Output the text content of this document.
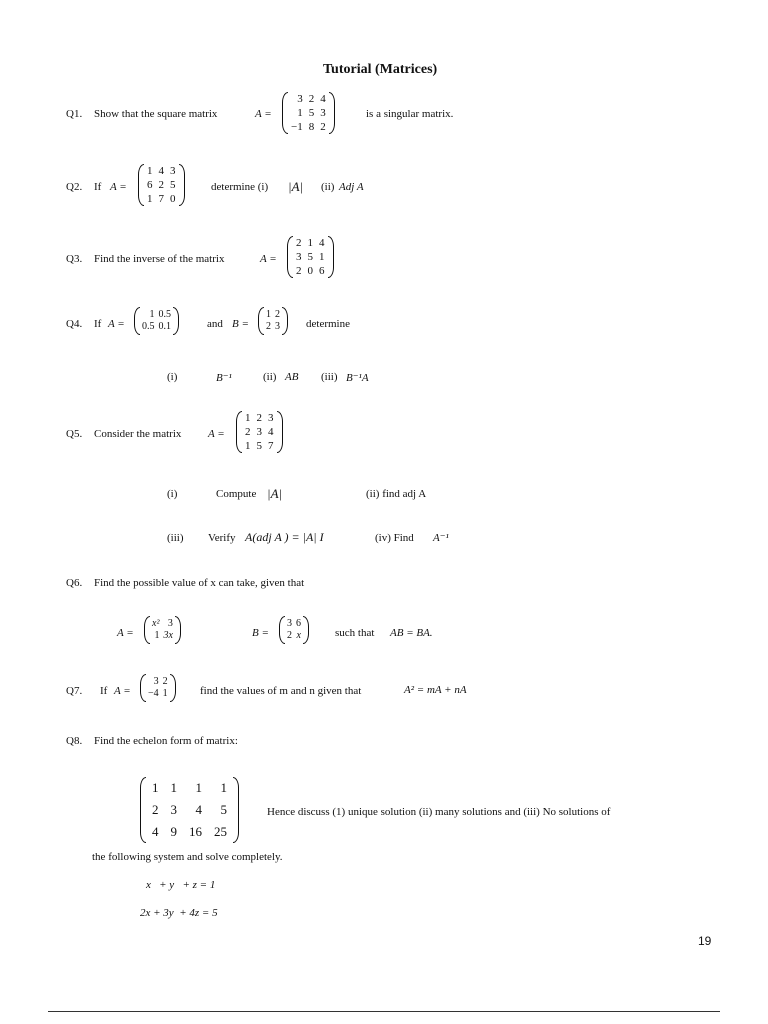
Tutorial (Matrices)
Q1. Show that the square matrix	A =
3	2	4
1	5	3
−1	8	2
is a singular matrix.
Q2. If A =
1	4	3
6	2	5
1	7	0
determine (i) |A| (ii) Adj A
Q3. Find the inverse of the matrix	A =
2	1	4
3	5	1
2	0	6
Q4. If A =
1	0.5
0.5	0.1	and B =
1	2
2	3 determine
(i)	B⁻¹	(ii) AB (iii) B⁻¹A
Q5. Consider the matrix A =
1	2	3
2	3	4
1	5	7
(i)	Compute |A|	(ii) find adj A
(iii) Verify A(adj A ) = |A| I	(iv) Find A⁻¹
Q6. Find the possible value of x can take, given that
A =
x²	3
1	3x	B =
3	6
2	x	such that AB = BA.
Q7. If A =
3	2
−4	1	find the values of m and n given that	A² = mA + nA
Q8. Find the echelon form of matrix:
1	1	1	1
2	3	4	5
4	9	16	25
Hence discuss (1) unique solution (ii) many solutions and (iii) No solutions of
the following system and solve completely.
x   + y   + z = 1
2x + 3y  + 4z = 5
19
